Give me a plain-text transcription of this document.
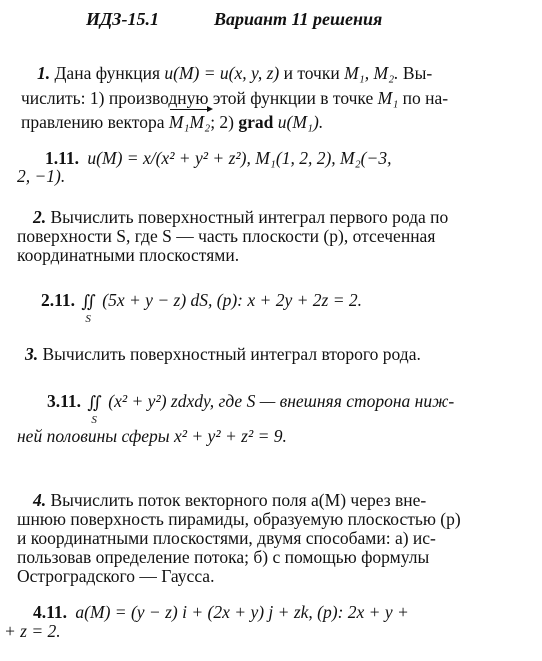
ИДЗ-15.1	Вариант 11 решения
1. Дана функция u(M) = u(x, y, z) и точки M₁, M₂. Вы-
числить: 1) производную этой функции в точке M₁ по на-
правлению вектора M₁M₂; 2) grad u(M₁).
1.11. u(M) = x/(x² + y² + z²), M₁(1, 2, 2), M₂(−3,
2, −1).
2. Вычислить поверхностный интеграл первого рода по
поверхности S, где S — часть плоскости (p), отсеченная
координатными плоскостями.
2.11. ∬
S
(5x + y − z) dS, (p): x + 2y + 2z = 2.
3. Вычислить поверхностный интеграл второго рода.
3.11. ∬
S
(x² + y²) zdxdy, где S — внешняя сторона ниж-
ней половины сферы x² + y² + z² = 9.
4. Вычислить поток векторного поля a(M) через вне-
шнюю поверхность пирамиды, образуемую плоскостью (p)
и координатными плоскостями, двумя способами: а) ис-
пользовав определение потока; б) с помощью формулы
Остроградского — Гаусса.
4.11. a(M) = (y − z) i + (2x + y) j + zk, (p): 2x + y +
+ z = 2.
